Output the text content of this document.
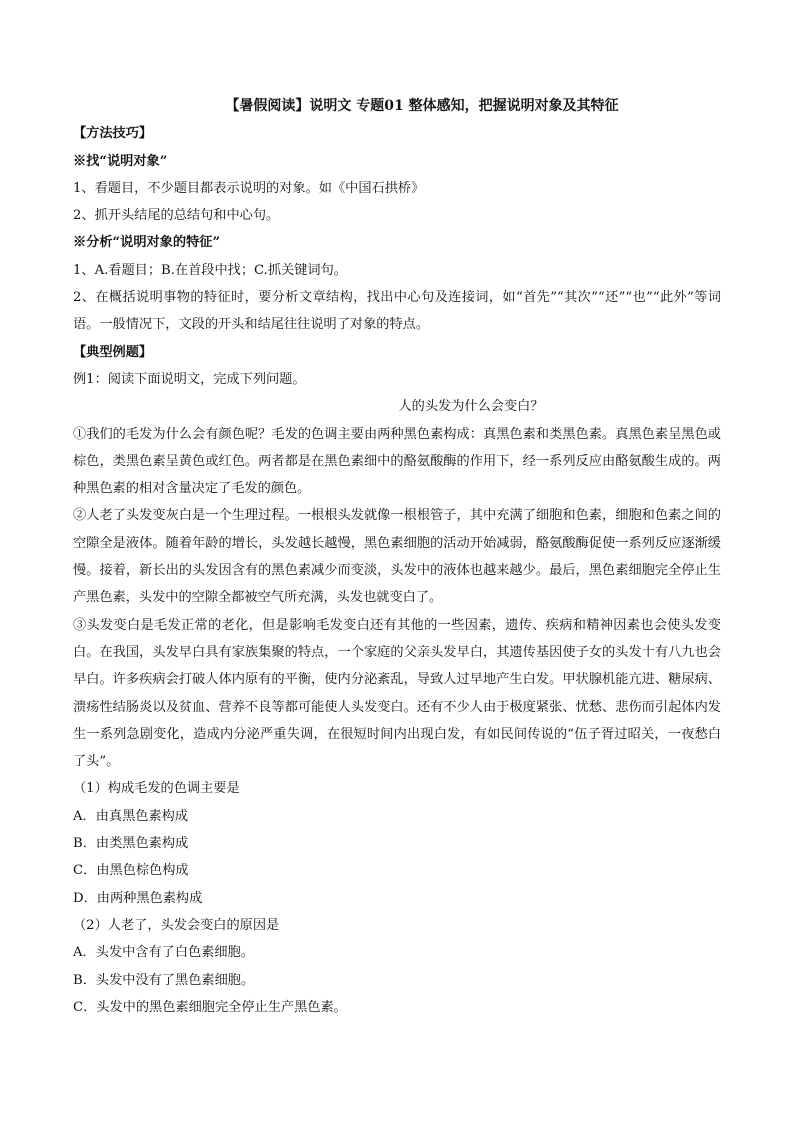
【暑假阅读】说明文 专题01 整体感知，把握说明对象及其特征
【方法技巧】
※找“说明对象”
1、看题目，不少题目都表示说明的对象。如《中国石拱桥》
2、抓开头结尾的总结句和中心句。
※分析“说明对象的特征”
1、A.看题目；B.在首段中找；C.抓关键词句。
2、在概括说明事物的特征时，要分析文章结构，找出中心句及连接词，如“首先”“其次”“还”“也”“此外”等词语。一般情况下，文段的开头和结尾往往说明了对象的特点。
【典型例题】
例1：阅读下面说明文，完成下列问题。
人的头发为什么会变白？
①我们的毛发为什么会有颜色呢？毛发的色调主要由两种黑色素构成：真黑色素和类黑色素。真黑色素呈黑色或棕色，类黑色素呈黄色或红色。两者都是在黑色素细中的酪氨酸酶的作用下，经一系列反应由酪氨酸生成的。两种黑色素的相对含量决定了毛发的颜色。
②人老了头发变灰白是一个生理过程。一根根头发就像一根根管子，其中充满了细胞和色素，细胞和色素之间的空隙全是液体。随着年龄的增长，头发越长越慢，黑色素细胞的活动开始减弱，酪氨酸酶促使一系列反应逐渐缓慢。接着，新长出的头发因含有的黑色素减少而变淡，头发中的液体也越来越少。最后，黑色素细胞完全停止生产黑色素，头发中的空隙全都被空气所充满，头发也就变白了。
③头发变白是毛发正常的老化，但是影响毛发变白还有其他的一些因素，遗传、疾病和精神因素也会使头发变白。在我国，头发早白具有家族集聚的特点，一个家庭的父亲头发早白，其遗传基因使子女的头发十有八九也会早白。许多疾病会打破人体内原有的平衡，使内分泌紊乱，导致人过早地产生白发。甲状腺机能亢进、糖尿病、溃疡性结肠炎以及贫血、营养不良等都可能使人头发变白。还有不少人由于极度紧张、忧愁、悲伤而引起体内发生一系列急剧变化，造成内分泌严重失调，在很短时间内出现白发，有如民间传说的“伍子胥过昭关，一夜愁白了头”。
（1）构成毛发的色调主要是
A．由真黑色素构成
B．由类黑色素构成
C．由黑色棕色构成
D．由两种黑色素构成
（2）人老了，头发会变白的原因是
A．头发中含有了白色素细胞。
B．头发中没有了黑色素细胞。
C．头发中的黑色素细胞完全停止生产黑色素。
